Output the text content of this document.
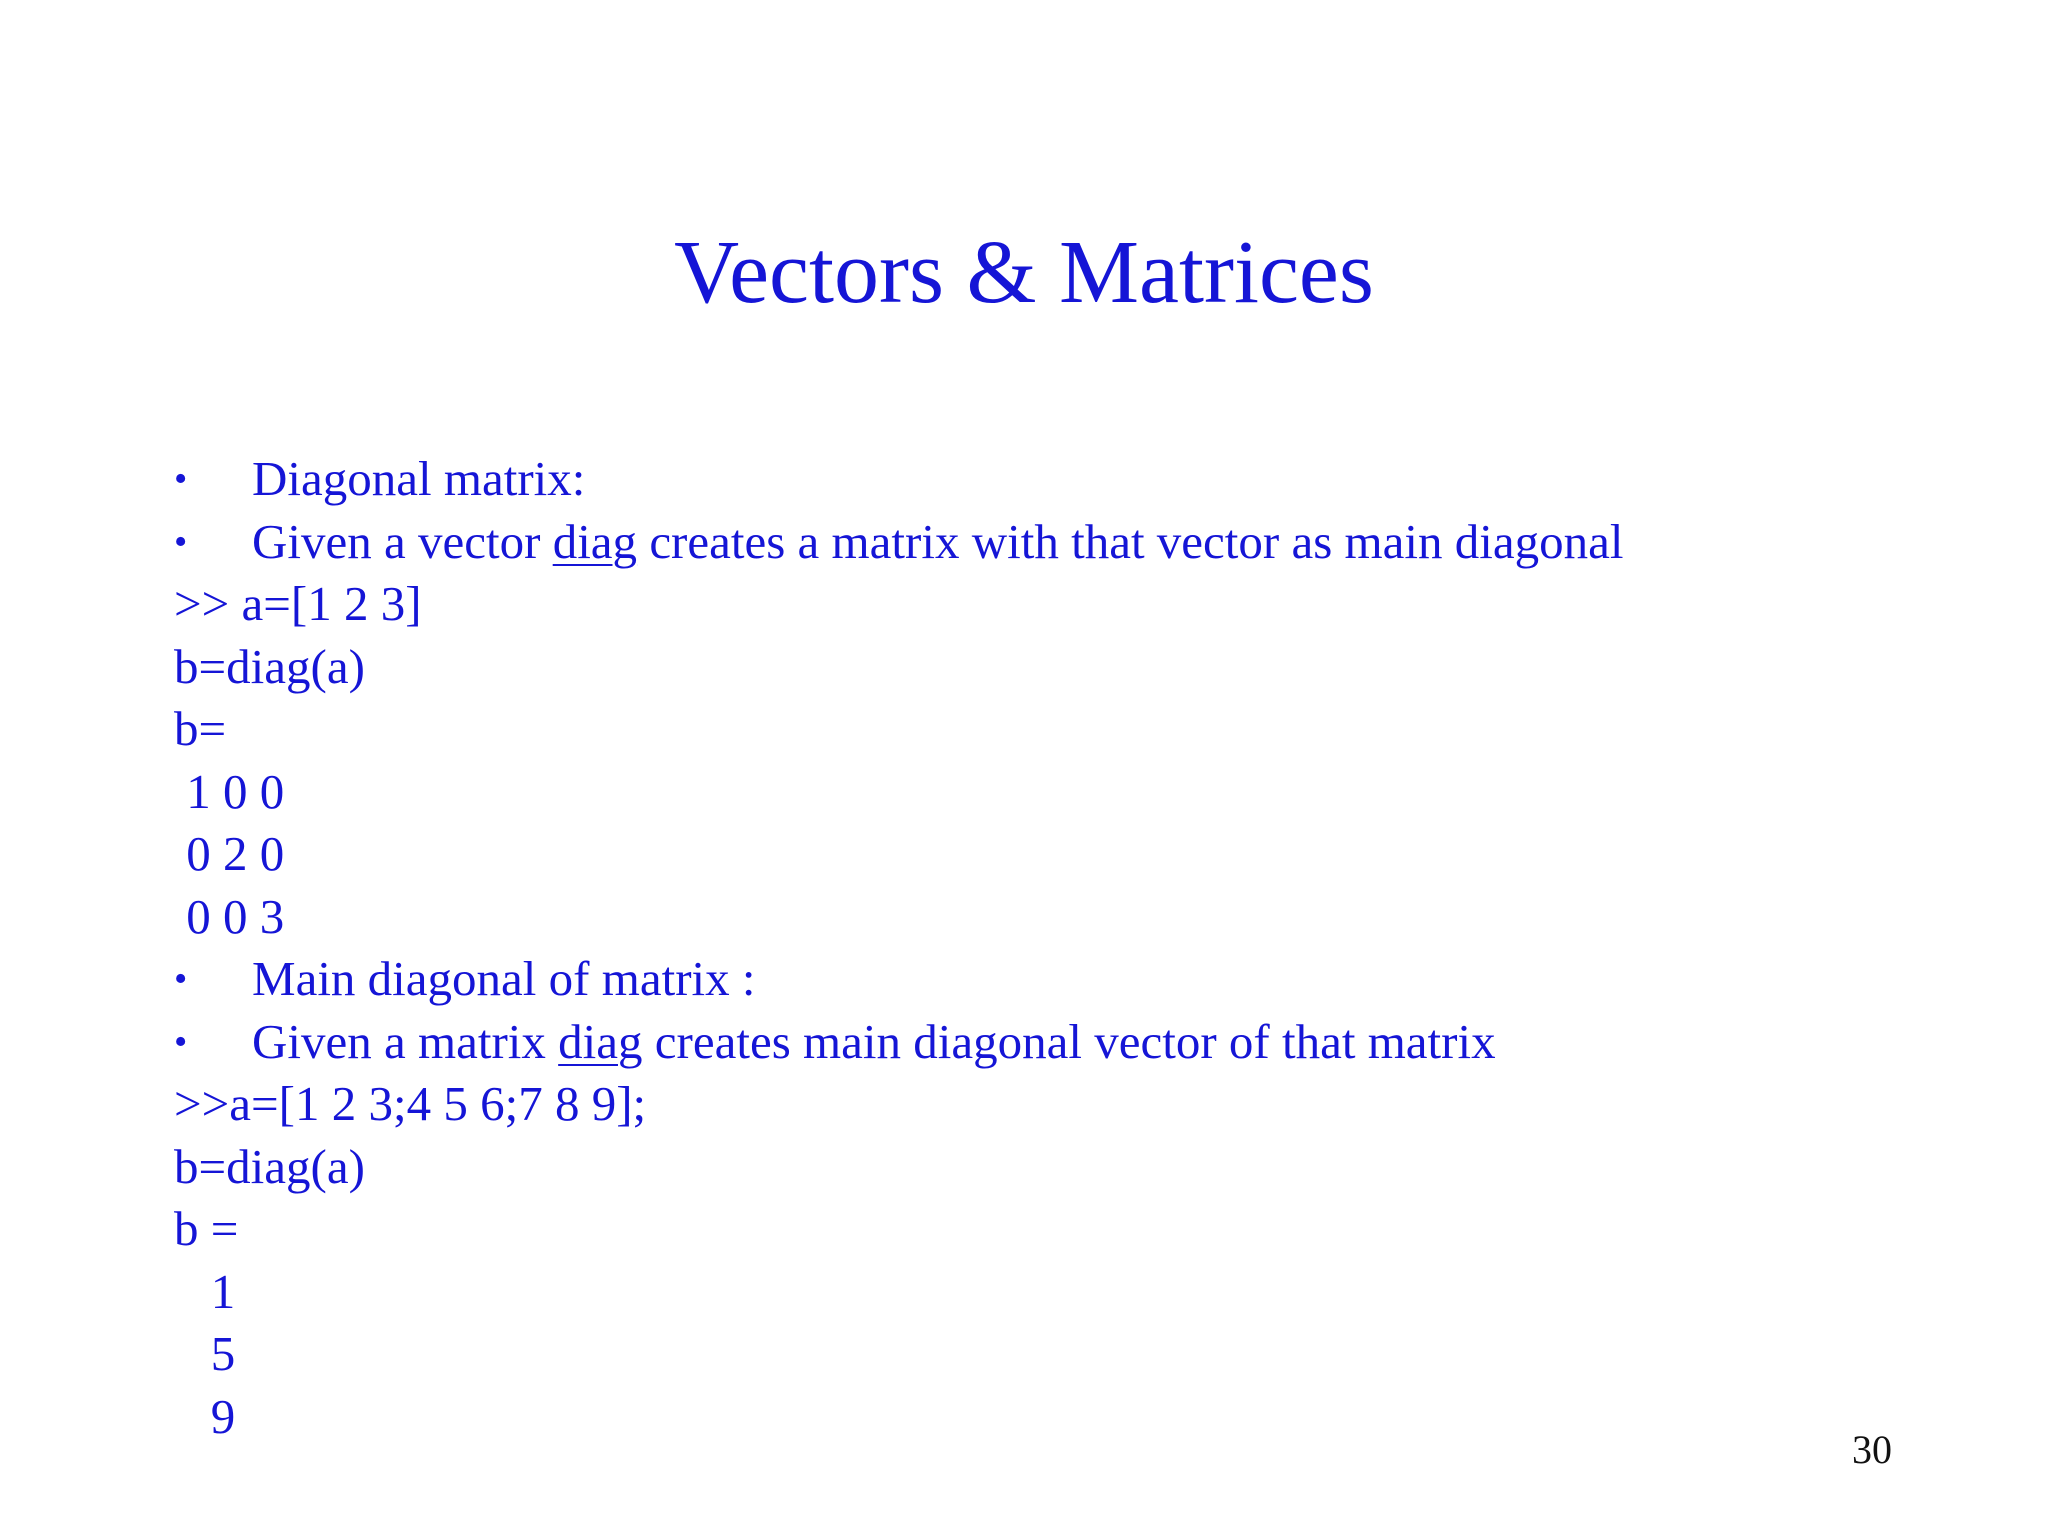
Vectors & Matrices

•

	Diagonal matrix:

•

	Given a vector diag creates a matrix with that vector as main diagonal

>> a=[1 2 3]
b=diag(a)
b=
1 0 0
0 2 0
0 0 3

•

	Main diagonal of matrix :

•

	Given a matrix diag creates main diagonal vector of that matrix

>>a=[1 2 3;4 5 6;7 8 9];
b=diag(a)
b =
1
5
9
30
